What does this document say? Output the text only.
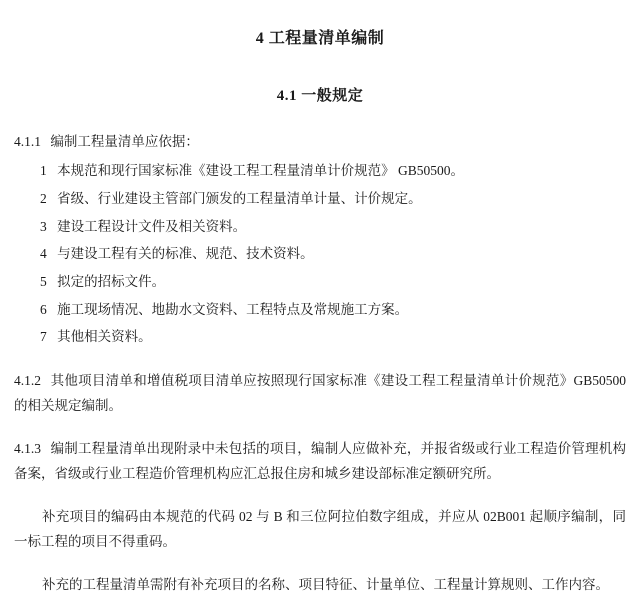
4 工程量清单编制
4.1 一般规定
4.1.1 编制工程量清单应依据：
1 本规范和现行国家标准《建设工程工程量清单计价规范》 GB50500。
2 省级、行业建设主管部门颁发的工程量清单计量、计价规定。
3 建设工程设计文件及相关资料。
4 与建设工程有关的标准、规范、技术资料。
5 拟定的招标文件。
6 施工现场情况、地勘水文资料、工程特点及常规施工方案。
7 其他相关资料。
4.1.2 其他项目清单和增值税项目清单应按照现行国家标准《建设工程工程量清单计价规范》GB50500 的相关规定编制。
4.1.3 编制工程量清单出现附录中未包括的项目，编制人应做补充，并报省级或行业工程造价管理机构备案，省级或行业工程造价管理机构应汇总报住房和城乡建设部标准定额研究所。
补充项目的编码由本规范的代码 02 与 B 和三位阿拉伯数字组成，并应从 02B001 起顺序编制，同一标工程的项目不得重码。
补充的工程量清单需附有补充项目的名称、项目特征、计量单位、工程量计算规则、工作内容。
